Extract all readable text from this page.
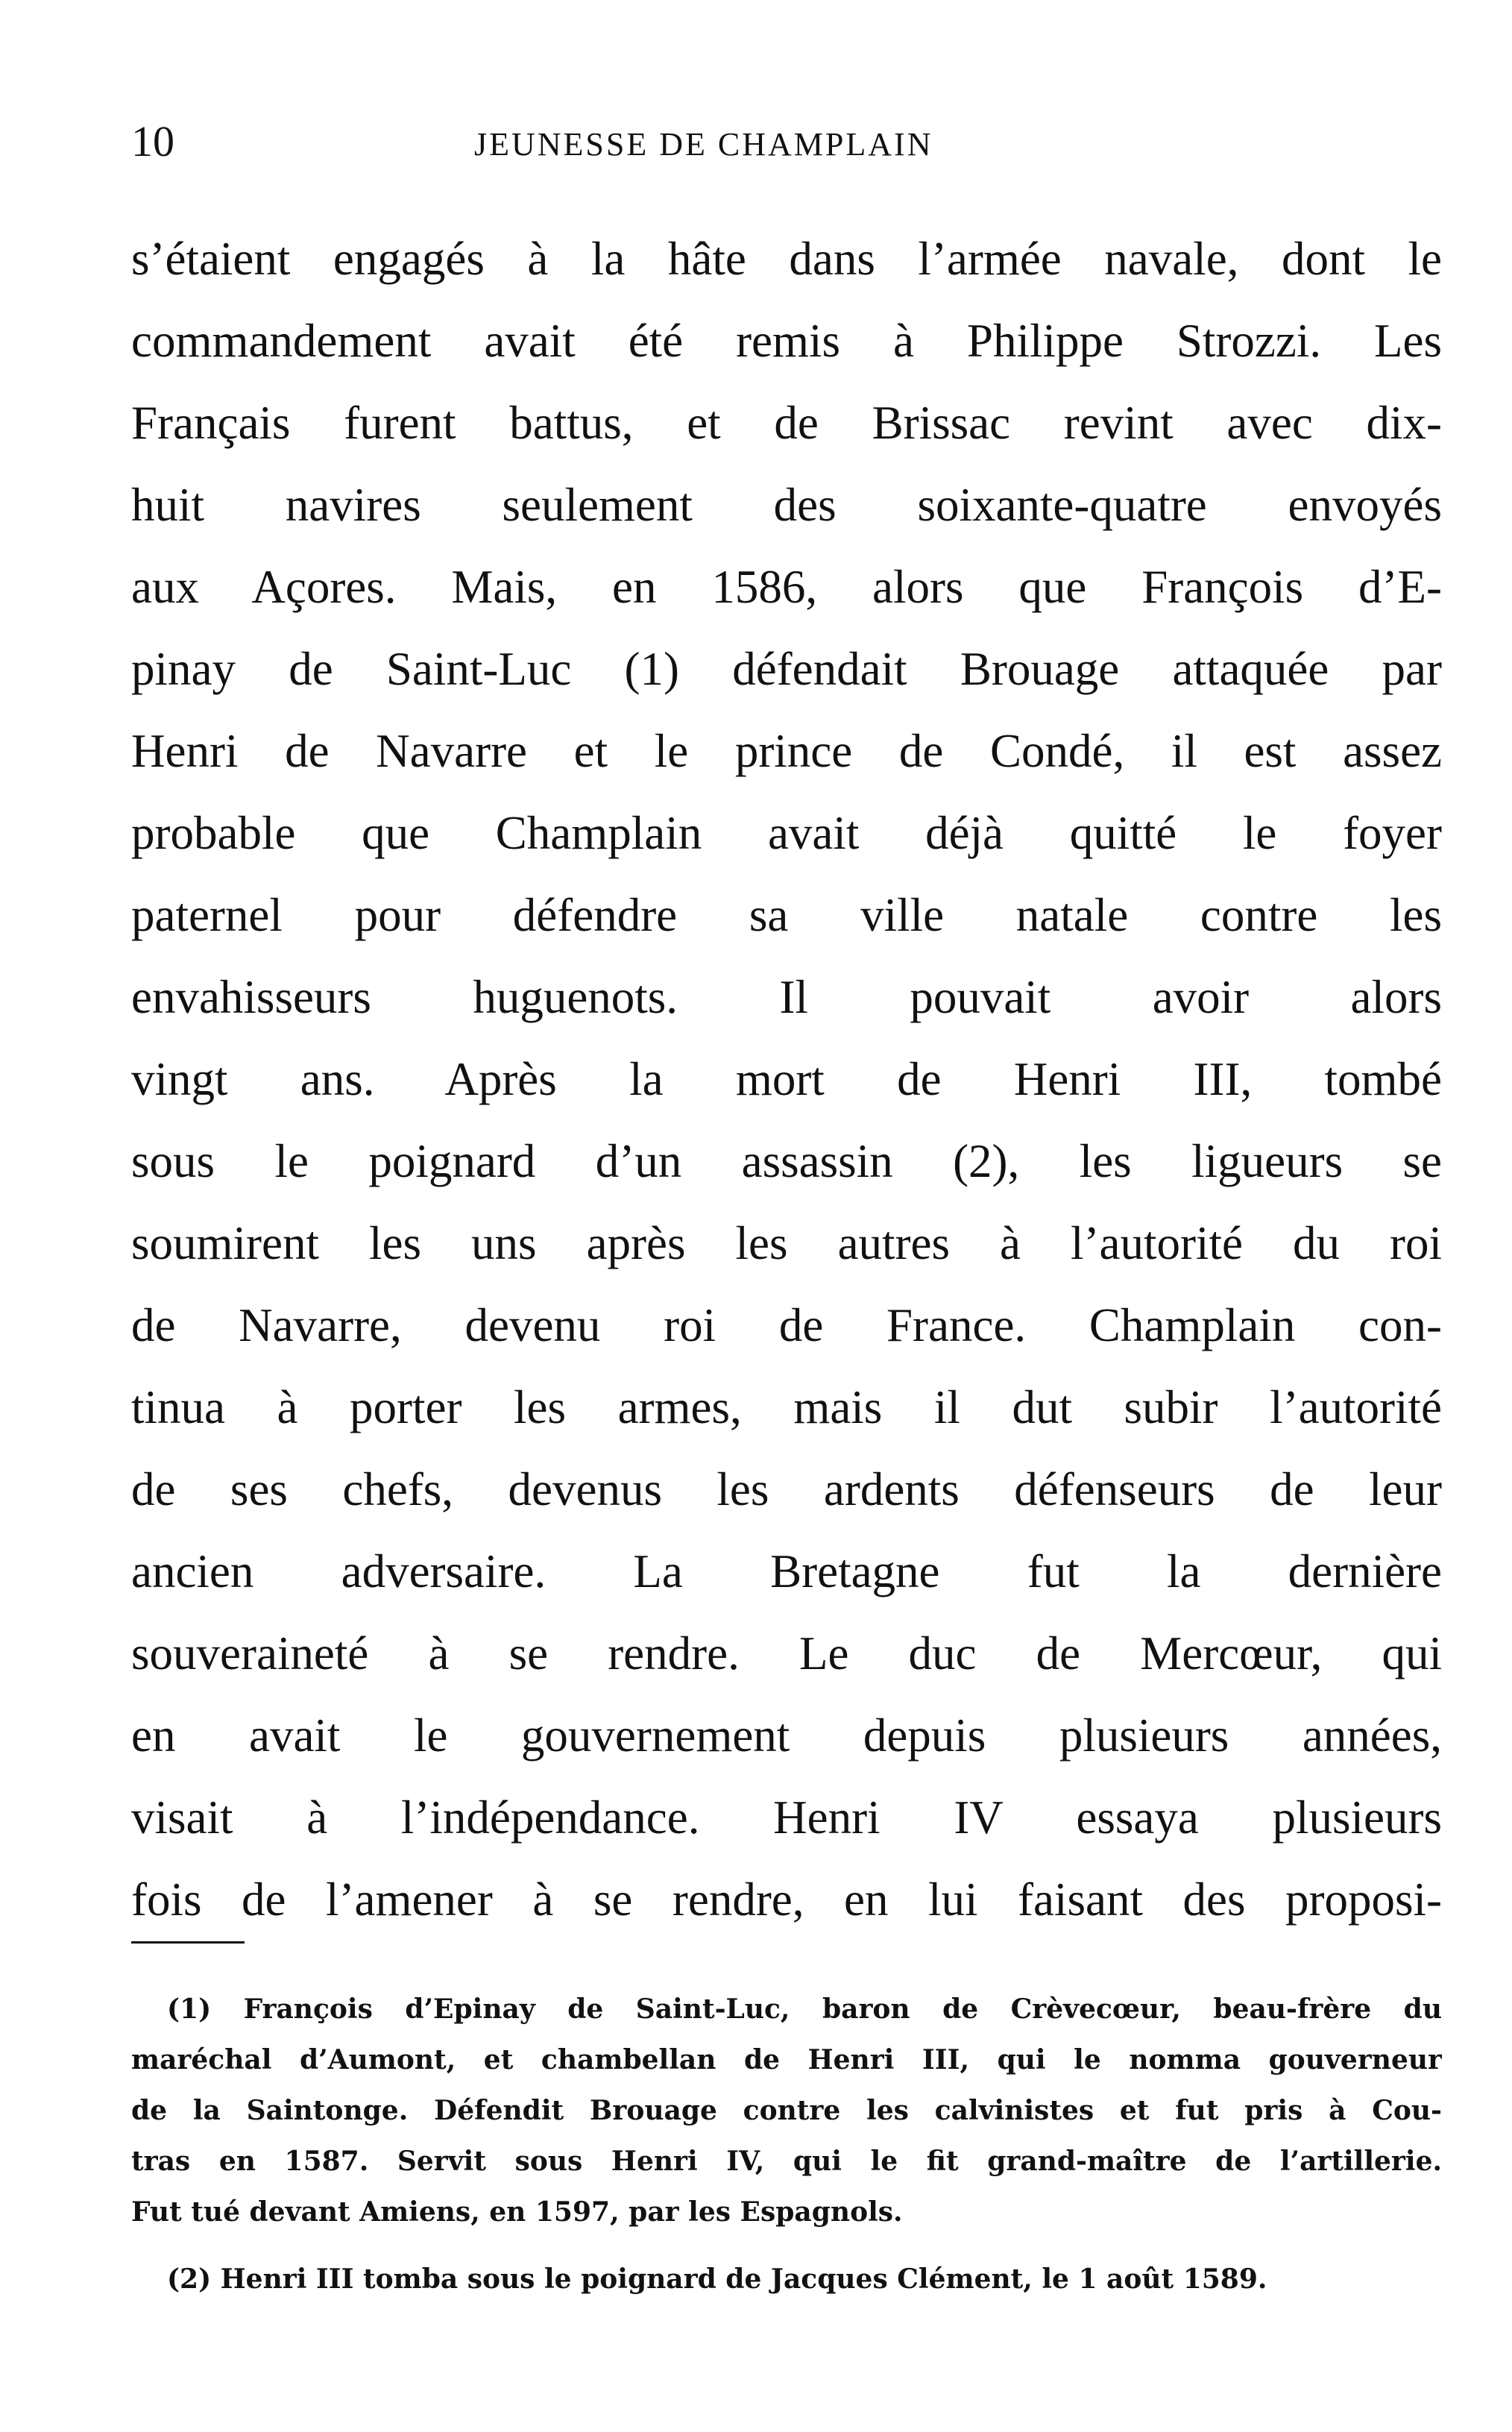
10	JEUNESSE DE CHAMPLAIN
s’étaient engagés à la hâte dans l’armée navale, dont le
commandement avait été remis à Philippe Strozzi. Les
Français furent battus, et de Brissac revint avec dix-
huit navires seulement des soixante-quatre envoyés
aux Açores. Mais, en 1586, alors que François d’E-
pinay de Saint-Luc (1) défendait Brouage attaquée par
Henri de Navarre et le prince de Condé, il est assez
probable que Champlain avait déjà quitté le foyer
paternel pour défendre sa ville natale contre les
envahisseurs huguenots. Il pouvait avoir alors
vingt ans. Après la mort de Henri III, tombé
sous le poignard d’un assassin (2), les ligueurs se
soumirent les uns après les autres à l’autorité du roi
de Navarre, devenu roi de France. Champlain con-
tinua à porter les armes, mais il dut subir l’autorité
de ses chefs, devenus les ardents défenseurs de leur
ancien adversaire. La Bretagne fut la dernière
souveraineté à se rendre. Le duc de Mercœur, qui
en avait le gouvernement depuis plusieurs années,
visait à l’indépendance. Henri IV essaya plusieurs
fois de l’amener à se rendre, en lui faisant des proposi-
(1) François d’Epinay de Saint-Luc, baron de Crèvecœur, beau-frère du
maréchal d’Aumont, et chambellan de Henri III, qui le nomma gouverneur
de la Saintonge. Défendit Brouage contre les calvinistes et fut pris à Cou-
tras en 1587. Servit sous Henri IV, qui le fit grand-maître de l’artillerie.
Fut tué devant Amiens, en 1597, par les Espagnols.
(2) Henri III tomba sous le poignard de Jacques Clément, le 1 août 1589.
